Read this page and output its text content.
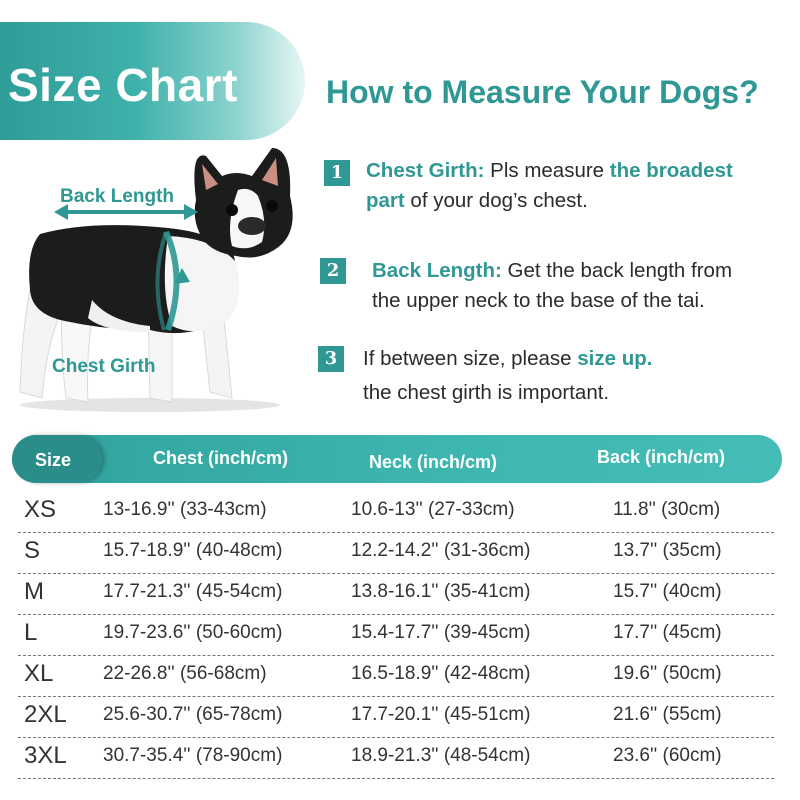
Size Chart	How to Measure Your Dogs?
Back Length
Chest Girth
1	Chest Girth: Pls measure the broadest
part of your dog’s chest.
2	Back Length: Get the back length from
the upper neck to the base of the tai.
3	If between size, please size up.
the chest girth is important.
Size	Chest (inch/cm)	Neck (inch/cm)	Back (inch/cm)
XS	13-16.9'' (33-43cm)	10.6-13'' (27-33cm)	11.8'' (30cm)
S	15.7-18.9'' (40-48cm)	12.2-14.2'' (31-36cm)	13.7'' (35cm)
M	17.7-21.3'' (45-54cm)	13.8-16.1'' (35-41cm)	15.7'' (40cm)
L	19.7-23.6'' (50-60cm)	15.4-17.7'' (39-45cm)	17.7'' (45cm)
XL	22-26.8'' (56-68cm)	16.5-18.9'' (42-48cm)	19.6'' (50cm)
2XL	25.6-30.7'' (65-78cm)	17.7-20.1'' (45-51cm)	21.6'' (55cm)
3XL	30.7-35.4'' (78-90cm)	18.9-21.3'' (48-54cm)	23.6'' (60cm)
